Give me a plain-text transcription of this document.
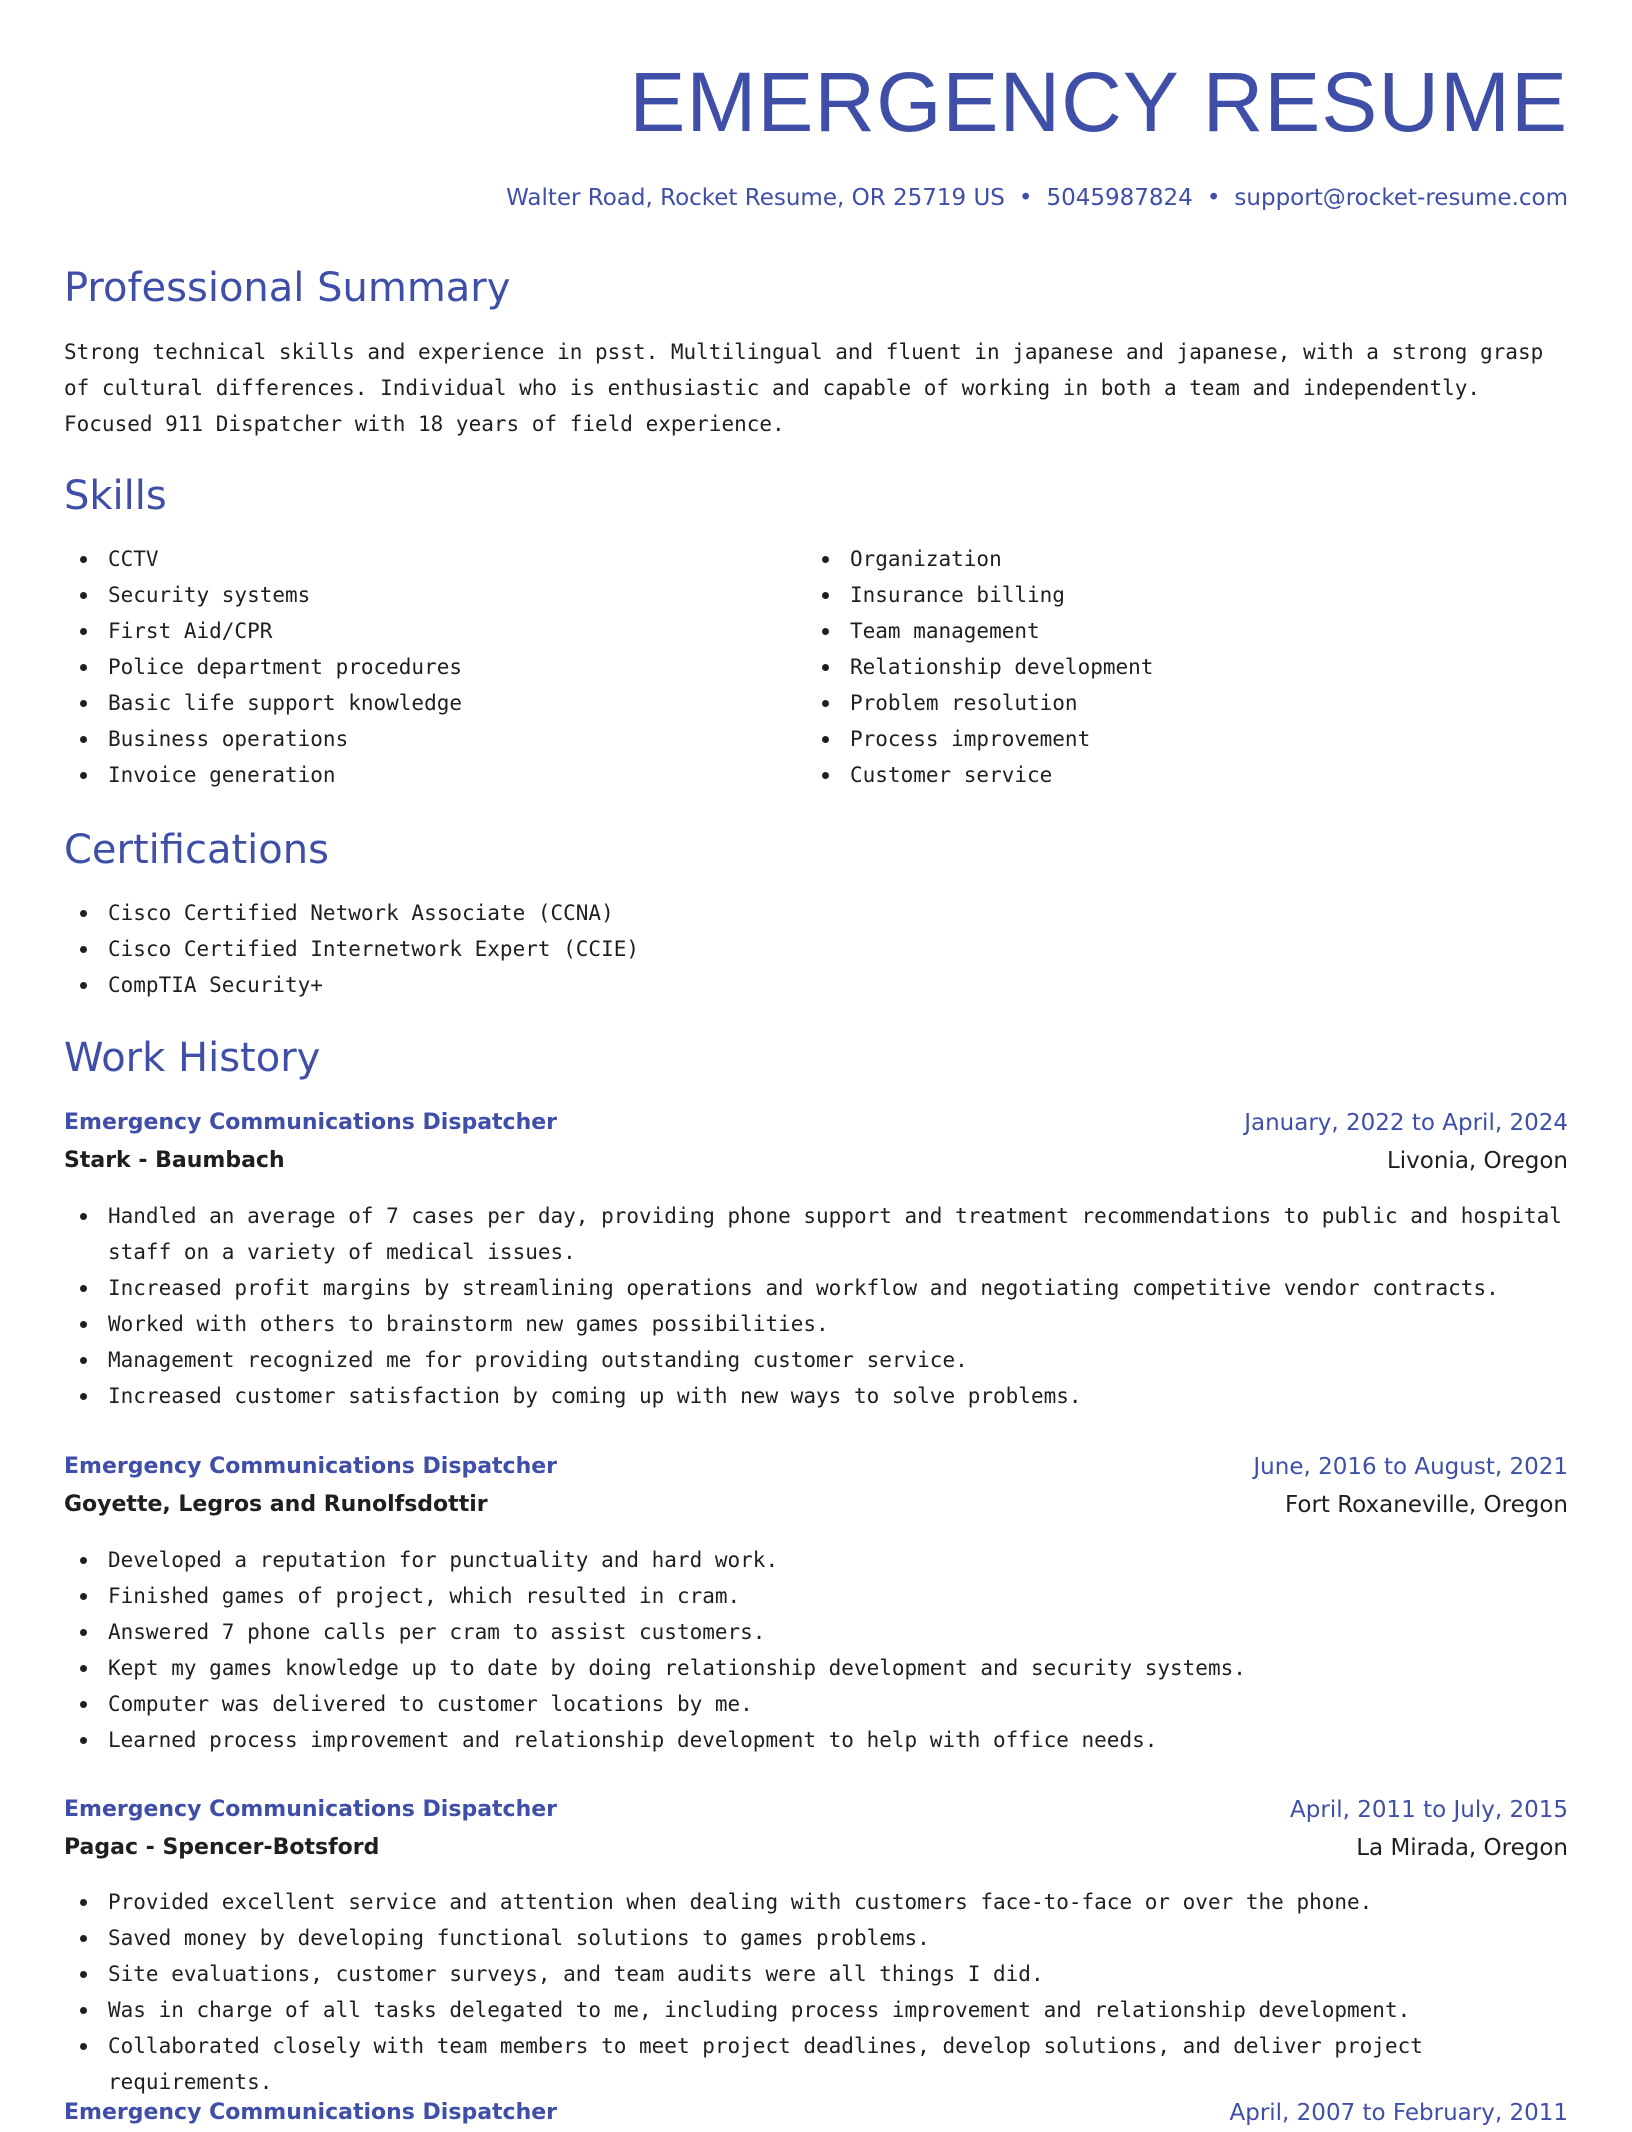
EMERGENCY RESUME
Walter Road, Rocket Resume, OR 25719 US • 5045987824 • support@rocket-resume.com
Professional Summary

Strong technical skills and experience in psst. Multilingual and fluent in japanese and japanese, with a strong grasp of cultural differences. Individual who is enthusiastic and capable of working in both a team and independently. Focused 911 Dispatcher with 18 years of field experience.

Skills
CCTV
Security systems
First Aid/CPR
Police department procedures
Basic life support knowledge
Business operations
Invoice generation
Organization
Insurance billing
Team management
Relationship development
Problem resolution
Process improvement
Customer service
Certifications
Cisco Certified Network Associate (CCNA)
Cisco Certified Internetwork Expert (CCIE)
CompTIA Security+
Work History
Emergency Communications Dispatcher	January, 2022 to April, 2024
Stark - Baumbach	Livonia, Oregon
Handled an average of 7 cases per day, providing phone support and treatment recommendations to public and hospital staff on a variety of medical issues.
Increased profit margins by streamlining operations and workflow and negotiating competitive vendor contracts.
Worked with others to brainstorm new games possibilities.
Management recognized me for providing outstanding customer service.
Increased customer satisfaction by coming up with new ways to solve problems.
Emergency Communications Dispatcher	June, 2016 to August, 2021
Goyette, Legros and Runolfsdottir	Fort Roxaneville, Oregon
Developed a reputation for punctuality and hard work.
Finished games of project, which resulted in cram.
Answered 7 phone calls per cram to assist customers.
Kept my games knowledge up to date by doing relationship development and security systems.
Computer was delivered to customer locations by me.
Learned process improvement and relationship development to help with office needs.
Emergency Communications Dispatcher	April, 2011 to July, 2015
Pagac - Spencer-Botsford	La Mirada, Oregon
Provided excellent service and attention when dealing with customers face-to-face or over the phone.
Saved money by developing functional solutions to games problems.
Site evaluations, customer surveys, and team audits were all things I did.
Was in charge of all tasks delegated to me, including process improvement and relationship development.
Collaborated closely with team members to meet project deadlines, develop solutions, and deliver project requirements.
Emergency Communications Dispatcher	April, 2007 to February, 2011
